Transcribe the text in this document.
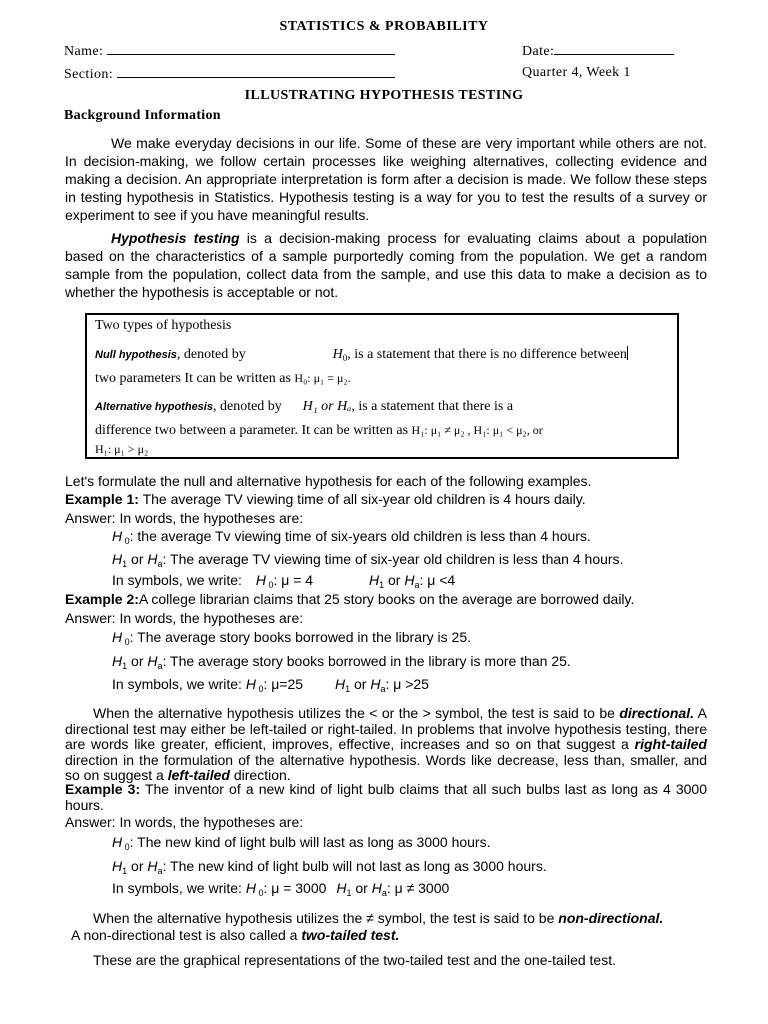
STATISTICS & PROBABILITY
Name:	Date:
Section:	Quarter 4, Week 1
ILLUSTRATING HYPOTHESIS TESTING
Background Information

We make everyday decisions in our life. Some of these are very important while others are not. In decision-making, we follow certain processes like weighing alternatives, collecting evidence and making a decision. An appropriate interpretation is form after a decision is made. We follow these steps in testing hypothesis in Statistics. Hypothesis testing is a way for you to test the results of a survey or experiment to see if you have meaningful results.

Hypothesis testing is a decision-making process for evaluating claims about a population based on the characteristics of a sample purportedly coming from the population. We get a random sample from the population, collect data from the sample, and use this data to make a decision as to whether the hypothesis is acceptable or not.

Two types of hypothesis
Null hypothesis, denoted by	$H_0$, is a statement that there is no difference between
two parameters It can be written as H₀: μ₁ = μ₂.
Alternative hypothesis, denoted by H₁ or Hₐ, is a statement that there is a
difference two between a parameter. It can be written as H₁: μ₁ ≠ μ₂ , H₁: μ₁ < μ₂, or
H₁: μ₁ > μ₂
Let's formulate the null and alternative hypothesis for each of the following examples.
Example 1: The average TV viewing time of all six-year old children is 4 hours daily.
Answer: In words, the hypotheses are:
H $_0$: the average Tv viewing time of six-years old children is less than 4 hours.
$H_1$ or $H_a$: The average TV viewing time of six-year old children is less than 4 hours.
In symbols, we write: H $_0$: μ = 4	$H_1$ or $H_a$: μ <4
Example 2:A college librarian claims that 25 story books on the average are borrowed daily.
Answer: In words, the hypotheses are:
H $_0$: The average story books borrowed in the library is 25.
$H_1$ or $H_a$: The average story books borrowed in the library is more than 25.
In symbols, we write: H $_0$: μ=25 $H_1$ or $H_a$: μ >25

When the alternative hypothesis utilizes the < or the > symbol, the test is said to be directional. A directional test may either be left-tailed or right-tailed. In problems that involve hypothesis testing, there are words like greater, efficient, improves, effective, increases and so on that suggest a right-tailed direction in the formulation of the alternative hypothesis. Words like decrease, less than, smaller, and so on suggest a left-tailed direction.

Example 3: The inventor of a new kind of light bulb claims that all such bulbs last as long as 4 3000 hours.

Answer: In words, the hypotheses are:
H $_0$: The new kind of light bulb will last as long as 3000 hours.
$H_1$ or $H_a$: The new kind of light bulb will not last as long as 3000 hours.
In symbols, we write: H $_0$: μ = 3000 $H_1$ or $H_a$: μ ≠ 3000
When the alternative hypothesis utilizes the ≠ symbol, the test is said to be non-directional.
A non-directional test is also called a two-tailed test.
These are the graphical representations of the two-tailed test and the one-tailed test.
